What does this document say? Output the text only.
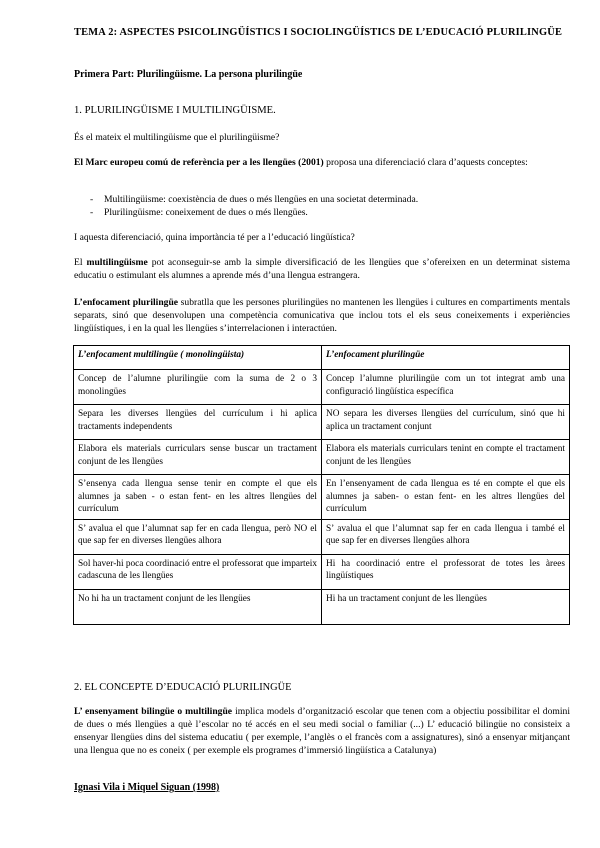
TEMA 2: ASPECTES PSICOLINGÜÍSTICS I SOCIOLINGÜÍSTICS DE L’EDUCACIÓ PLURILINGÜE
Primera Part: Plurilingüisme. La persona plurilingüe
1. PLURILINGÜISME I MULTILINGÜISME.
És el mateix el multilingüisme que el plurilingüisme?
El Marc europeu comú de referència per a les llengües (2001) proposa una diferenciació clara d’aquests conceptes:
- Multilingüisme: coexistència de dues o més llengües en una societat determinada.
- Plurilingüisme: coneixement de dues o més llengües.
I aquesta diferenciació, quina importància té per a l’educació lingüística?
El multilingüisme pot aconseguir-se amb la simple diversificació de les llengües que s’ofereixen en un determinat sistema educatiu o estimulant els alumnes a aprende més d’una llengua estrangera.
L’enfocament plurilingüe subratlla que les persones plurilingües no mantenen les llengües i cultures en compartiments mentals separats, sinó que desenvolupen una competència comunicativa que inclou tots el els seus coneixements i experiències lingüístiques, i en la qual les llengües s’interrelacionen i interactúen.
L’enfocament multilingüe ( monolingüista)	L’enfocament plurilingüe
Concep de l’alumne plurilingüe com la suma de 2 o 3 monolingües	Concep l’alumne plurilingüe com un tot integrat amb una configuració lingüística específica
Separa les diverses llengües del currículum i hi aplica tractaments independents	NO separa les diverses llengües del currículum, sinó que hi aplica un tractament conjunt
Elabora els materials curriculars sense buscar un tractament conjunt de les llengües	Elabora els materials curriculars tenint en compte el tractament conjunt de les llengües
S’ensenya cada llengua sense tenir en compte el que els alumnes ja saben - o estan fent- en les altres llengües del currículum	En l’ensenyament de cada llengua es té en compte el que els alumnes ja saben- o estan fent- en les altres llengües del currículum
S’ avalua el que l’alumnat sap fer en cada llengua, però NO el que sap fer en diverses llengües alhora	S’ avalua el que l’alumnat sap fer en cada llengua i també el que sap fer en diverses llengües alhora
Sol haver-hi poca coordinació entre el professorat que imparteix cadascuna de les llengües	Hi ha coordinació entre el professorat de totes les àrees lingüístiques
No hi ha un tractament conjunt de les llengües	Hi ha un tractament conjunt de les llengües
2. EL CONCEPTE D’EDUCACIÓ PLURILINGÜE
L’ ensenyament bilingüe o multilingüe implica models d’organització escolar que tenen com a objectiu possibilitar el domini de dues o més llengües a què l’escolar no té accés en el seu medi social o familiar (...) L’ educació bilingüe no consisteix a ensenyar llengües dins del sistema educatiu ( per exemple, l’anglès o el francès com a assignatures), sinó a ensenyar mitjançant una llengua que no es coneix ( per exemple els programes d’immersió lingüística a Catalunya)
Ignasi Vila i Miquel Siguan (1998)
